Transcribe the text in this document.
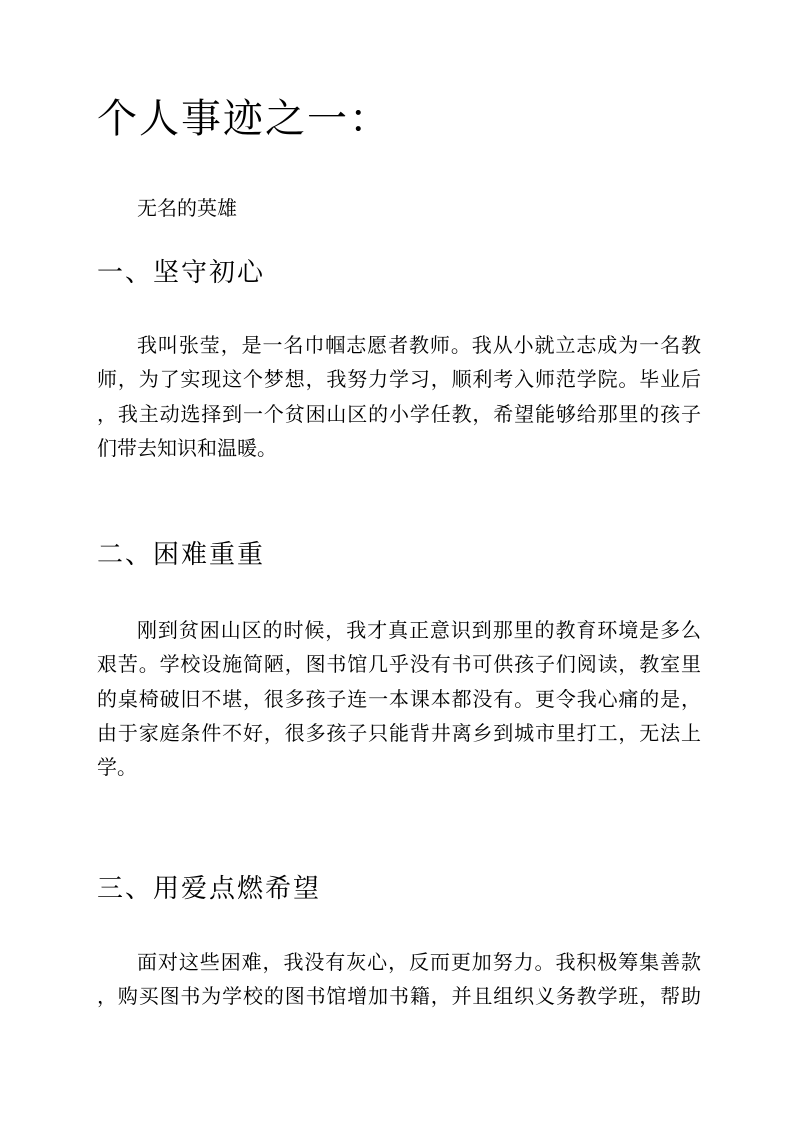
个人事迹之一：

无名的英雄

一、坚守初心
我叫张莹，是一名巾帼志愿者教师。我从小就立志成为一名教
师，为了实现这个梦想，我努力学习，顺利考入师范学院。毕业后
，我主动选择到一个贫困山区的小学任教，希望能够给那里的孩子
们带去知识和温暖。
二、困难重重
刚到贫困山区的时候，我才真正意识到那里的教育环境是多么
艰苦。学校设施简陋，图书馆几乎没有书可供孩子们阅读，教室里
的桌椅破旧不堪，很多孩子连一本课本都没有。更令我心痛的是，
由于家庭条件不好，很多孩子只能背井离乡到城市里打工，无法上
学。
三、用爱点燃希望
面对这些困难，我没有灰心，反而更加努力。我积极筹集善款
，购买图书为学校的图书馆增加书籍，并且组织义务教学班，帮助
